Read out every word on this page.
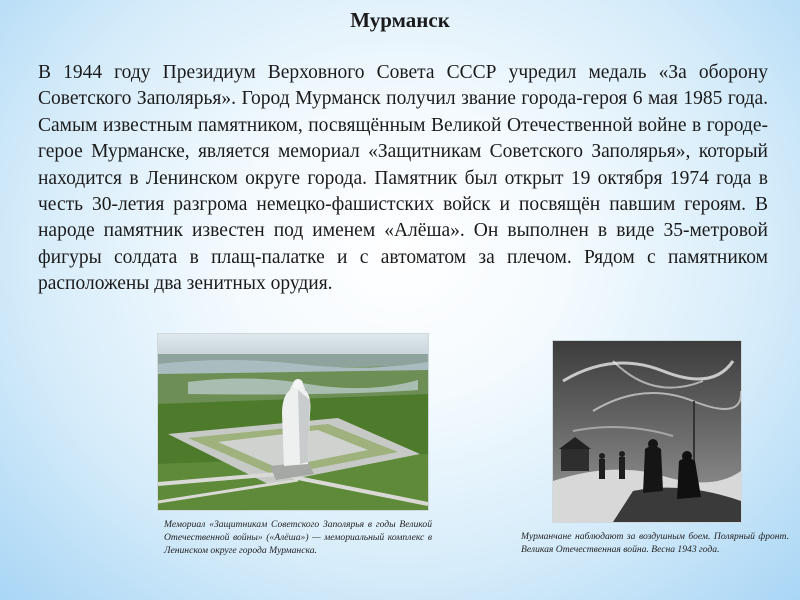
Мурманск
В 1944 году Президиум Верховного Совета СССР учредил медаль «За оборону Советского Заполярья». Город Мурманск получил звание города-героя 6 мая 1985 года. Самым известным памятником, посвящённым Великой Отечественной войне в городе-герое Мурманске, является мемориал «Защитникам Советского Заполярья», который находится в Ленинском округе города. Памятник был открыт 19 октября 1974 года в честь 30-летия разгрома немецко-фашистских войск и посвящён павшим героям. В народе памятник известен под именем «Алёша». Он выполнен в виде 35-метровой фигуры солдата в плащ-палатке и с автоматом за плечом. Рядом с памятником расположены два зенитных орудия.
Мемориал «Защитникам Советского Заполярья в годы Великой Отечественной войны» («Алёша») — мемориальный комплекс в Ленинском округе города Мурманска.
Мурманчане наблюдают за воздушным боем. Полярный фронт. Великая Отечественная война. Весна 1943 года.
